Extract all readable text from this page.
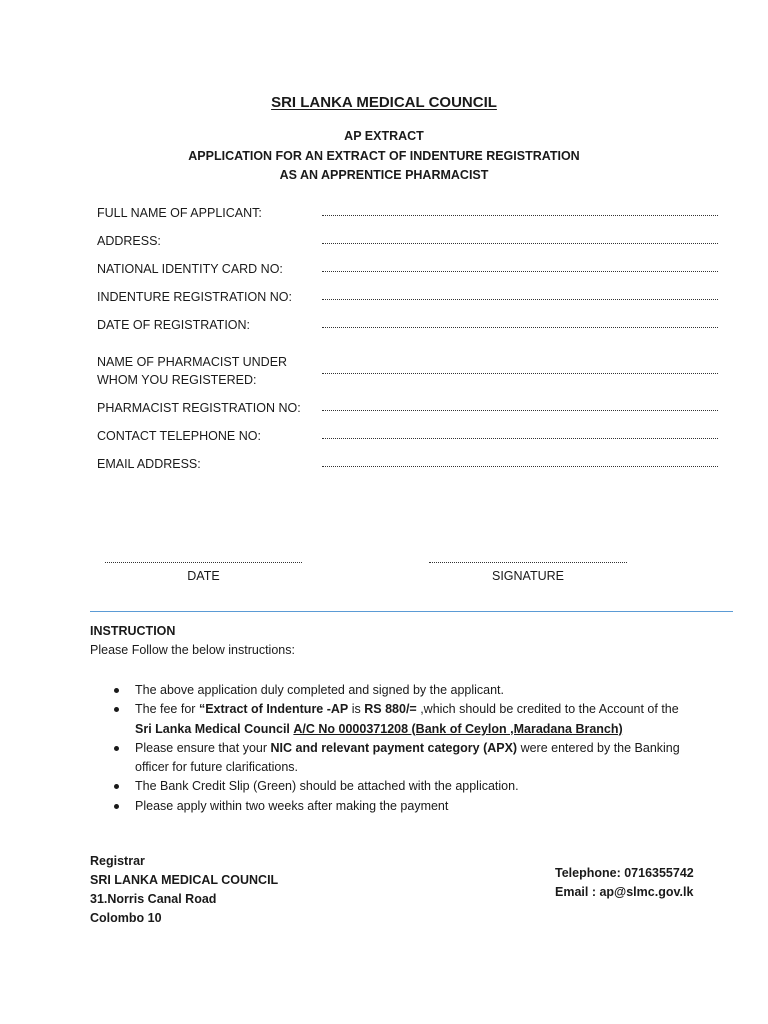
SRI LANKA MEDICAL COUNCIL
AP EXTRACT
APPLICATION FOR AN EXTRACT OF INDENTURE REGISTRATION
AS AN APPRENTICE PHARMACIST
FULL NAME OF APPLICANT:
ADDRESS:
NATIONAL IDENTITY CARD NO:
INDENTURE REGISTRATION NO:
DATE OF REGISTRATION:
NAME OF PHARMACIST UNDER
WHOM YOU REGISTERED:
PHARMACIST REGISTRATION NO:
CONTACT TELEPHONE NO:
EMAIL ADDRESS:
DATE	SIGNATURE
INSTRUCTION
Please Follow the below instructions:
The above application duly completed and signed by the applicant.
The fee for “Extract of Indenture -AP is RS 880/= ,which should be credited to the Account of the Sri Lanka Medical Council A/C No 0000371208 (Bank of Ceylon ,Maradana Branch)
Please ensure that your NIC and relevant payment category (APX) were entered by the Banking officer for future clarifications.
The Bank Credit Slip (Green) should be attached with the application.
Please apply within two weeks after making the payment
Registrar
SRI LANKA MEDICAL COUNCIL
31.Norris Canal Road
Colombo 10
Telephone: 0716355742
Email : ap@slmc.gov.lk
